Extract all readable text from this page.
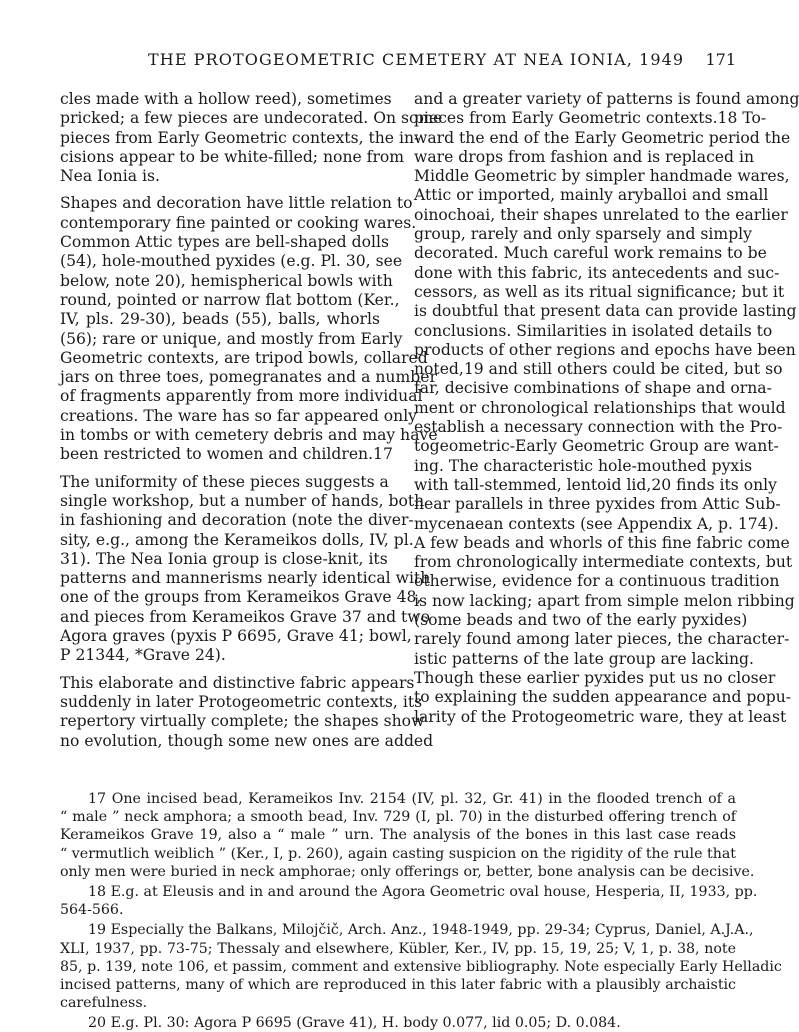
THE PROTOGEOMETRIC CEMETERY AT NEA IONIA, 1949 171
cles made with a hollow reed), sometimes
pricked; a few pieces are undecorated. On some
pieces from Early Geometric contexts, the in-
cisions appear to be white-filled; none from
Nea Ionia is.
Shapes and decoration have little relation to
contemporary fine painted or cooking wares.
Common Attic types are bell-shaped dolls
(54), hole-mouthed pyxides (e.g. Pl. 30, see
below, note 20), hemispherical bowls with
round, pointed or narrow flat bottom (Ker.,
IV, pls. 29-30), beads (55), balls, whorls
(56); rare or unique, and mostly from Early
Geometric contexts, are tripod bowls, collared
jars on three toes, pomegranates and a number
of fragments apparently from more individual
creations. The ware has so far appeared only
in tombs or with cemetery debris and may have
been restricted to women and children.17
The uniformity of these pieces suggests a
single workshop, but a number of hands, both
in fashioning and decoration (note the diver-
sity, e.g., among the Kerameikos dolls, IV, pl.
31). The Nea Ionia group is close-knit, its
patterns and mannerisms nearly identical with
one of the groups from Kerameikos Grave 48,
and pieces from Kerameikos Grave 37 and two
Agora graves (pyxis P 6695, Grave 41; bowl,
P 21344, *Grave 24).
This elaborate and distinctive fabric appears
suddenly in later Protogeometric contexts, its
repertory virtually complete; the shapes show
no evolution, though some new ones are added
and a greater variety of patterns is found among
pieces from Early Geometric contexts.18 To-
ward the end of the Early Geometric period the
ware drops from fashion and is replaced in
Middle Geometric by simpler handmade wares,
Attic or imported, mainly aryballoi and small
oinochoai, their shapes unrelated to the earlier
group, rarely and only sparsely and simply
decorated. Much careful work remains to be
done with this fabric, its antecedents and suc-
cessors, as well as its ritual significance; but it
is doubtful that present data can provide lasting
conclusions. Similarities in isolated details to
products of other regions and epochs have been
noted,19 and still others could be cited, but so
far, decisive combinations of shape and orna-
ment or chronological relationships that would
establish a necessary connection with the Pro-
togeometric-Early Geometric Group are want-
ing. The characteristic hole-mouthed pyxis
with tall-stemmed, lentoid lid,20 finds its only
near parallels in three pyxides from Attic Sub-
mycenaean contexts (see Appendix A, p. 174).
A few beads and whorls of this fine fabric come
from chronologically intermediate contexts, but
otherwise, evidence for a continuous tradition
is now lacking; apart from simple melon ribbing
(some beads and two of the early pyxides)
rarely found among later pieces, the character-
istic patterns of the late group are lacking.
Though these earlier pyxides put us no closer
to explaining the sudden appearance and popu-
larity of the Protogeometric ware, they at least
17 One incised bead, Kerameikos Inv. 2154 (IV, pl. 32, Gr. 41) in the flooded trench of a
“ male ” neck amphora; a smooth bead, Inv. 729 (I, pl. 70) in the disturbed offering trench of
Kerameikos Grave 19, also a “ male ” urn. The analysis of the bones in this last case reads
“ vermutlich weiblich ” (Ker., I, p. 260), again casting suspicion on the rigidity of the rule that
only men were buried in neck amphorae; only offerings or, better, bone analysis can be decisive.
18 E.g. at Eleusis and in and around the Agora Geometric oval house, Hesperia, II, 1933, pp.
564-566.
19 Especially the Balkans, Milojčič, Arch. Anz., 1948-1949, pp. 29-34; Cyprus, Daniel, A.J.A.,
XLI, 1937, pp. 73-75; Thessaly and elsewhere, Kübler, Ker., IV, pp. 15, 19, 25; V, 1, p. 38, note
85, p. 139, note 106, et passim, comment and extensive bibliography. Note especially Early Helladic
incised patterns, many of which are reproduced in this later fabric with a plausibly archaistic
carefulness.
20 E.g. Pl. 30: Agora P 6695 (Grave 41), H. body 0.077, lid 0.05; D. 0.084.
